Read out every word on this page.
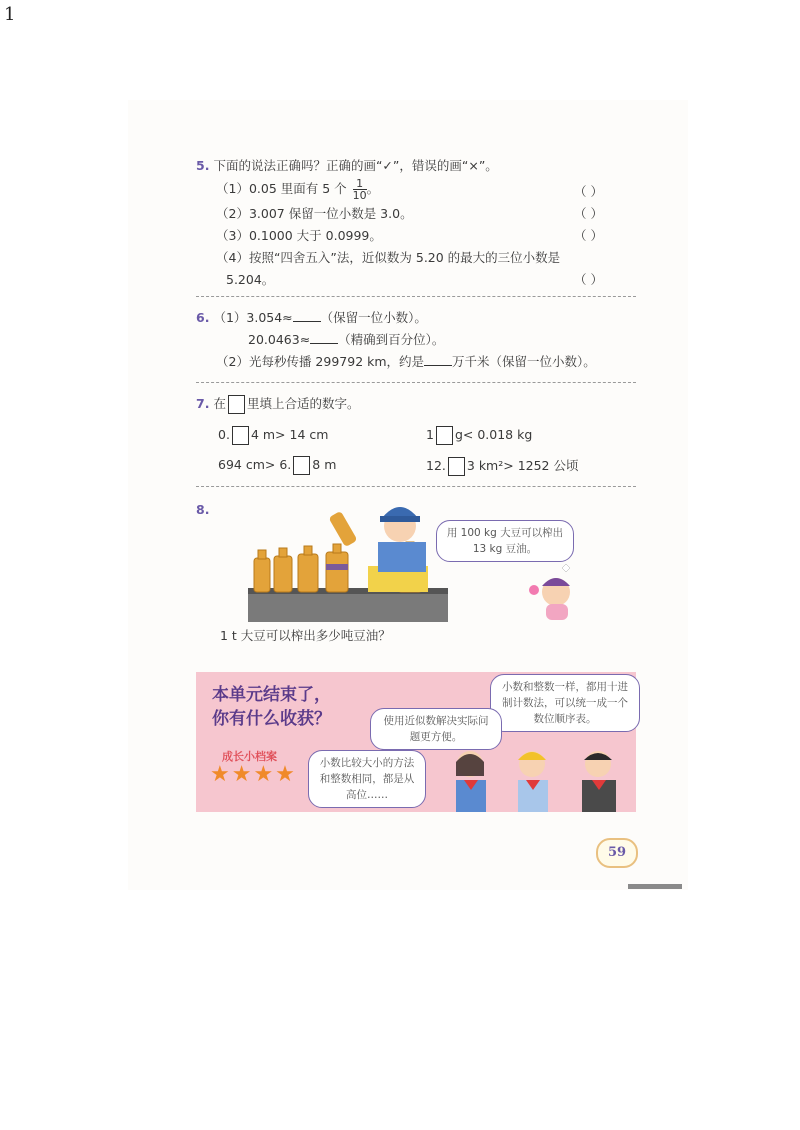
1
5. 下面的说法正确吗？正确的画“✓”，错误的画“×”。
（1）0.05 里面有 5 个 $\frac{1}{10}$ 。	（ ）
（2）3.007 保留一位小数是 3.0。	（ ）
（3）0.1000 大于 0.0999。	（ ）
（4）按照“四舍五入”法，近似数为 5.20 的最大的三位小数是
5.204。	（ ）
6. （1）3.054≈ （保留一位小数）。
20.0463≈ （精确到百分位）。
（2）光每秒传播 299792 km，约是 万千米（保留一位小数）。
7. 在 里填上合适的数字。
0. 4 m> 14 cm	1 g< 0.018 kg
694 cm> 6. 8 m	12. 3 km²> 1252 公顷
8.
用 100 kg 大豆可以榨出 13 kg 豆油。
1 t 大豆可以榨出多少吨豆油？
本单元结束了，
你有什么收获？
成长小档案
★★★★
小数和整数一样，都用十进制计数法，可以统一成一个数位顺序表。
使用近似数解决实际问题更方便。
小数比较大小的方法和整数相同，都是从高位……
59
